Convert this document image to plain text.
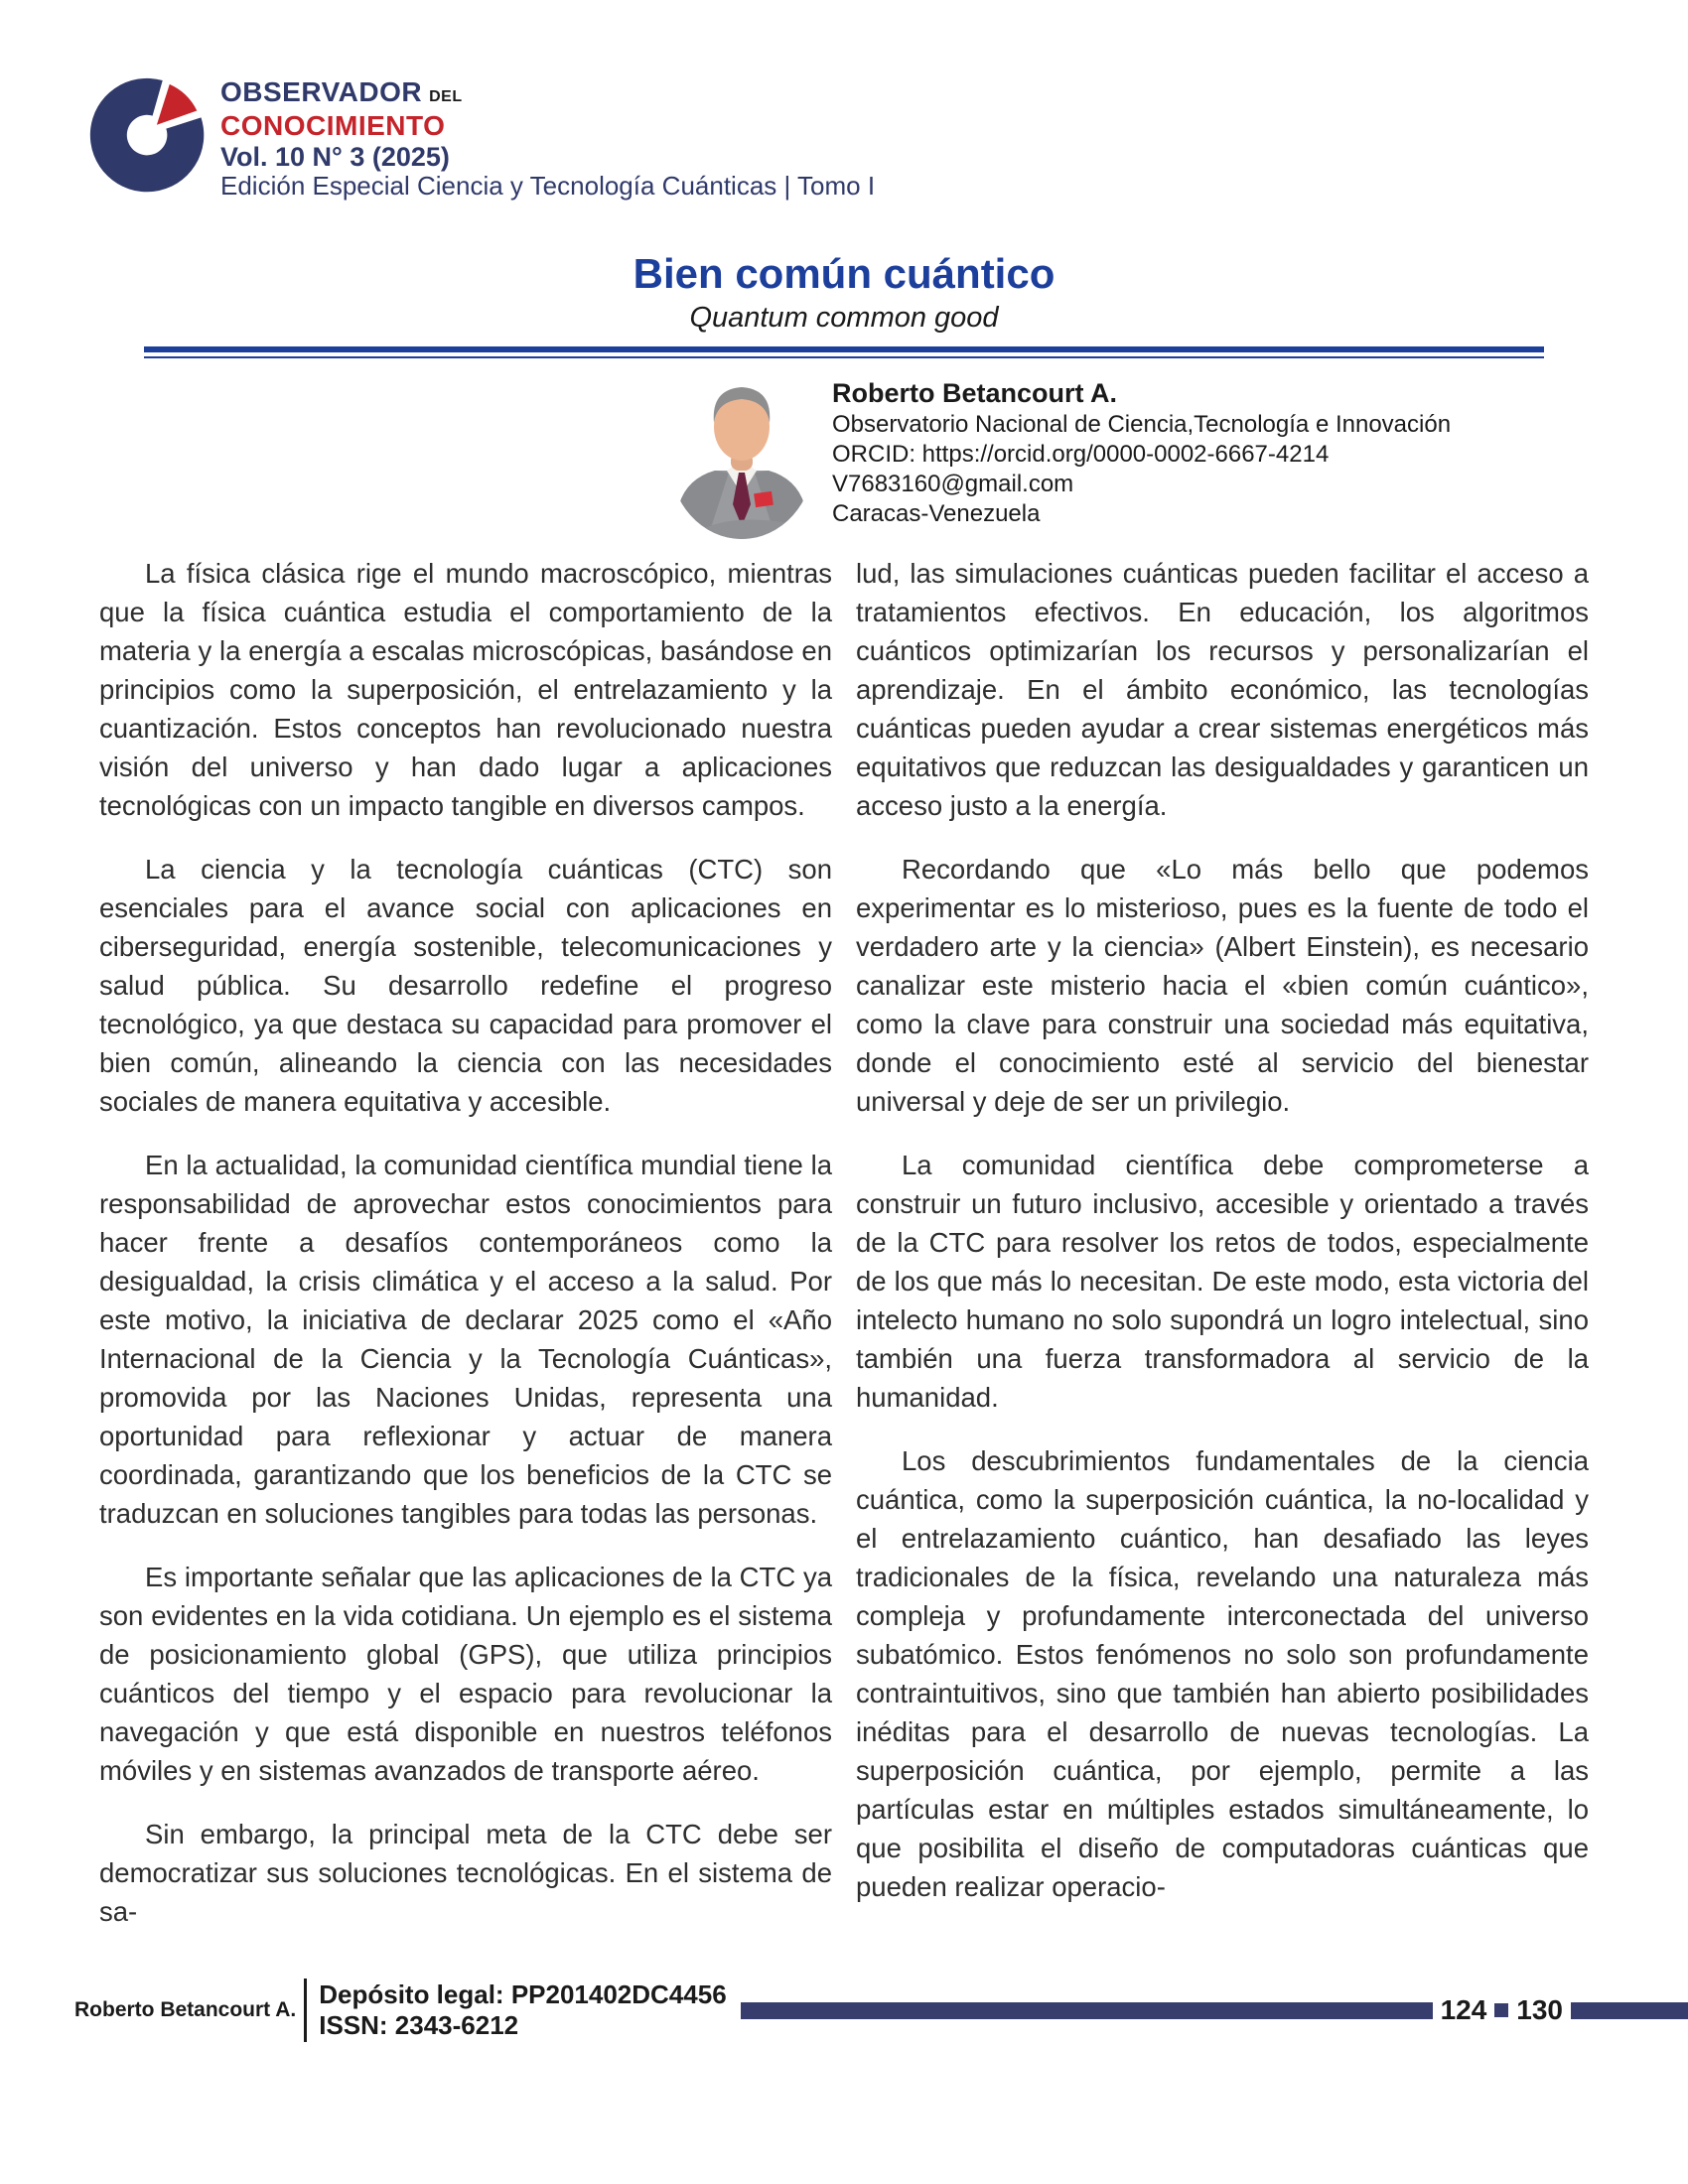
OBSERVADOR DEL
CONOCIMIENTO
Vol. 10 N° 3 (2025)
Edición Especial Ciencia y Tecnología Cuánticas | Tomo I
Bien común cuántico
Quantum common good
Roberto Betancourt A.
Observatorio Nacional de Ciencia,Tecnología e Innovación
ORCID: https://orcid.org/0000-0002-6667-4214
V7683160@gmail.com
Caracas-Venezuela

La física clásica rige el mundo macroscópico, mientras que la física cuántica estudia el comportamiento de la materia y la energía a escalas microscópicas, basándose en principios como la superposición, el entrelazamiento y la cuantización. Estos conceptos han revolucionado nuestra visión del universo y han dado lugar a aplicaciones tecnológicas con un impacto tangible en diversos campos.

La ciencia y la tecnología cuánticas (CTC) son esenciales para el avance social con aplicaciones en ciberseguridad, energía sostenible, telecomunicaciones y salud pública. Su desarrollo redefine el progreso tecnológico, ya que destaca su capacidad para promover el bien común, alineando la ciencia con las necesidades sociales de manera equitativa y accesible.

En la actualidad, la comunidad científica mundial tiene la responsabilidad de aprovechar estos conocimientos para hacer frente a desafíos contemporáneos como la desigualdad, la crisis climática y el acceso a la salud. Por este motivo, la iniciativa de declarar 2025 como el «Año Internacional de la Ciencia y la Tecnología Cuánticas», promovida por las Naciones Unidas, representa una oportunidad para reflexionar y actuar de manera coordinada, garantizando que los beneficios de la CTC se traduzcan en soluciones tangibles para todas las personas.

Es importante señalar que las aplicaciones de la CTC ya son evidentes en la vida cotidiana. Un ejemplo es el sistema de posicionamiento global (GPS), que utiliza principios cuánticos del tiempo y el espacio para revolucionar la navegación y que está disponible en nuestros teléfonos móviles y en sistemas avanzados de transporte aéreo.

Sin embargo, la principal meta de la CTC debe ser democratizar sus soluciones tecnológicas. En el sistema de sa-

lud, las simulaciones cuánticas pueden facilitar el acceso a tratamientos efectivos. En educación, los algoritmos cuánticos optimizarían los recursos y personalizarían el aprendizaje. En el ámbito económico, las tecnologías cuánticas pueden ayudar a crear sistemas energéticos más equitativos que reduzcan las desigualdades y garanticen un acceso justo a la energía.

Recordando que «Lo más bello que podemos experimentar es lo misterioso, pues es la fuente de todo el verdadero arte y la ciencia» (Albert Einstein), es necesario canalizar este misterio hacia el «bien común cuántico», como la clave para construir una sociedad más equitativa, donde el conocimiento esté al servicio del bienestar universal y deje de ser un privilegio.

La comunidad científica debe comprometerse a construir un futuro inclusivo, accesible y orientado a través de la CTC para resolver los retos de todos, especialmente de los que más lo necesitan. De este modo, esta victoria del intelecto humano no solo supondrá un logro intelectual, sino también una fuerza transformadora al servicio de la humanidad.

Los descubrimientos fundamentales de la ciencia cuántica, como la superposición cuántica, la no-localidad y el entrelazamiento cuántico, han desafiado las leyes tradicionales de la física, revelando una naturaleza más compleja y profundamente interconectada del universo subatómico. Estos fenómenos no solo son profundamente contraintuitivos, sino que también han abierto posibilidades inéditas para el desarrollo de nuevas tecnologías. La superposición cuántica, por ejemplo, permite a las partículas estar en múltiples estados simultáneamente, lo que posibilita el diseño de computadoras cuánticas que pueden realizar operacio-

Roberto Betancourt A.
Depósito legal: PP201402DC4456
ISSN: 2343-6212	124 130
